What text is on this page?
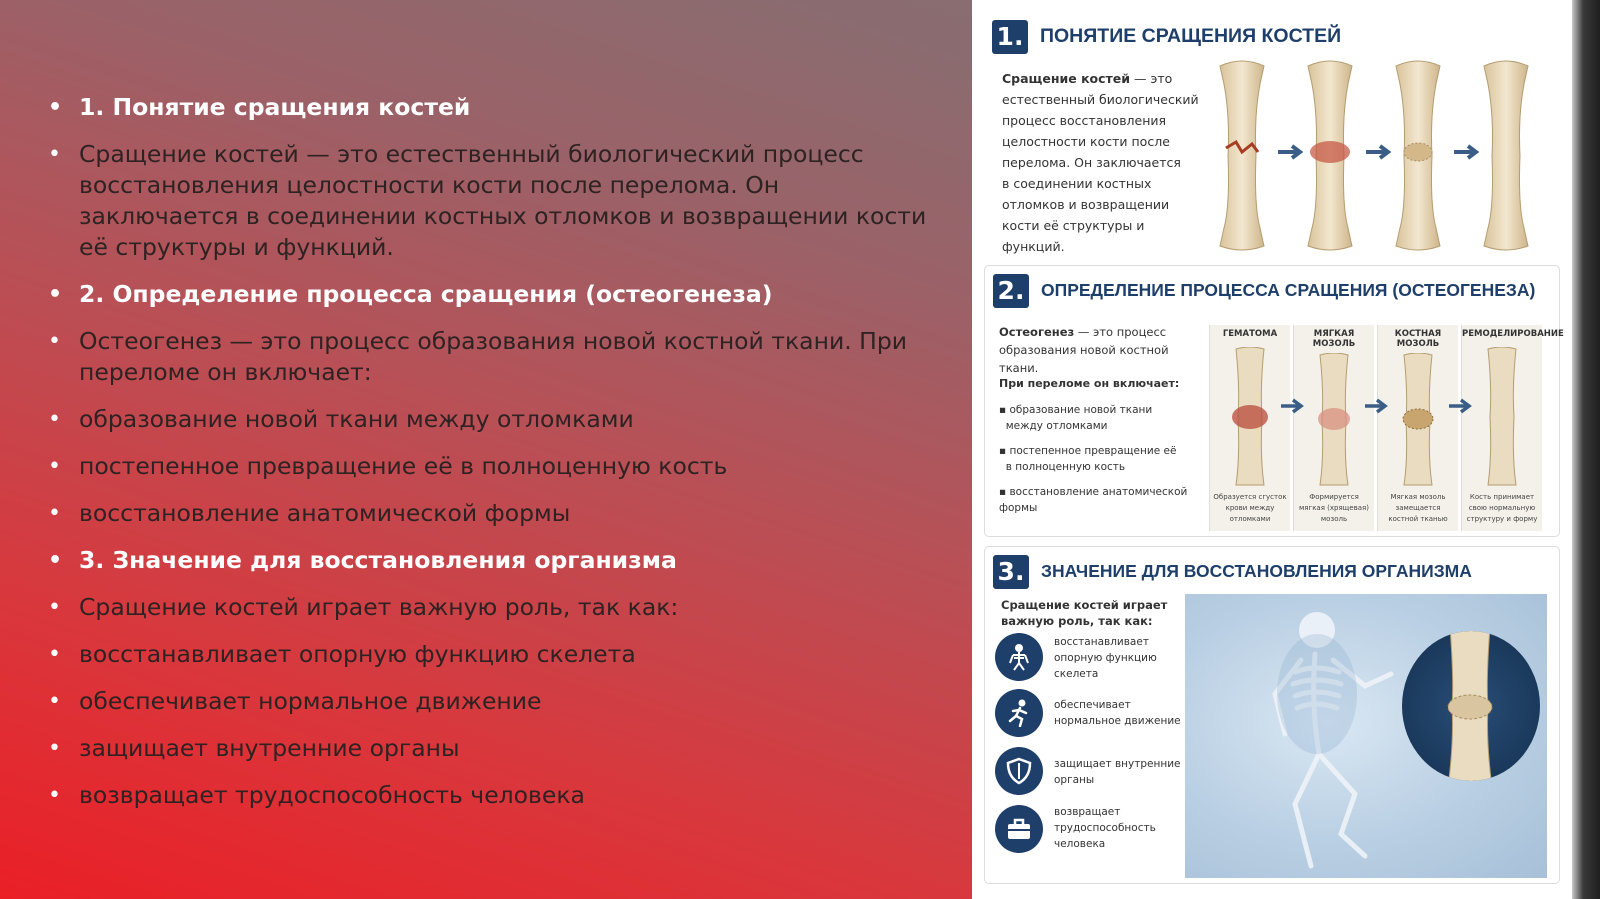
• 1. Понятие сращения костей
• Сращение костей — это естественный биологический процесс восстановления целостности кости после перелома. Он заключается в соединении костных отломков и возвращении кости её структуры и функций.
• 2. Определение процесса сращения (остеогенеза)
• Остеогенез — это процесс образования новой костной ткани. При переломе он включает:
• образование новой ткани между отломками
• постепенное превращение её в полноценную кость
• восстановление анатомической формы
• 3. Значение для восстановления организма
• Сращение костей играет важную роль, так как:
• восстанавливает опорную функцию скелета
• обеспечивает нормальное движение
• защищает внутренние органы
• возвращает трудоспособность человека
1. ПОНЯТИЕ СРАЩЕНИЯ КОСТЕЙ
Сращение костей — это
естественный биологический
процесс восстановления
целостности кости после
перелома. Он заключается
в соединении костных
отломков и возвращении
кости её структуры и функций.
2. ОПРЕДЕЛЕНИЕ ПРОЦЕССА СРАЩЕНИЯ (ОСТЕОГЕНЕЗА)
Остеогенез — это процесс
образования новой костной ткани.
При переломе он включает:
▪ образование новой ткани
между отломками
▪ постепенное превращение её
в полноценную кость
▪ восстановление анатомической формы
ГЕМАТОМА
Образуется сгусток крови между отломками
МЯГКАЯ МОЗОЛЬ
Формируется мягкая (хрящевая) мозоль
КОСТНАЯ МОЗОЛЬ
Мягкая мозоль замещается костной тканью
РЕМОДЕЛИРОВАНИЕ
Кость принимает свою нормальную структуру и форму
3. ЗНАЧЕНИЕ ДЛЯ ВОССТАНОВЛЕНИЯ ОРГАНИЗМА
Сращение костей играет
важную роль, так как:
восстанавливает
опорную функцию
скелета
обеспечивает
нормальное движение
защищает внутренние
органы
возвращает
трудоспособность
человека
